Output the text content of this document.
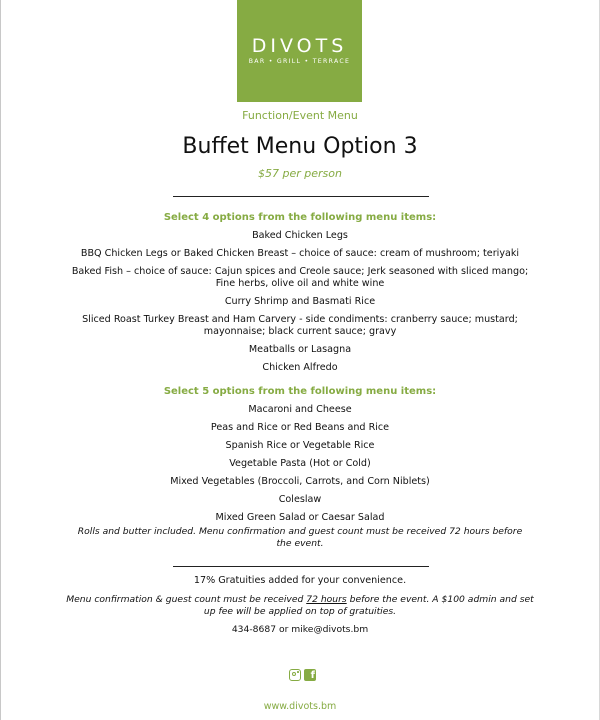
DIVOTS
BAR • GRILL • TERRACE
Function/Event Menu
Buffet Menu Option 3
$57 per person
Select 4 options from the following menu items:
Baked Chicken Legs
BBQ Chicken Legs or Baked Chicken Breast – choice of sauce: cream of mushroom; teriyaki
Baked Fish – choice of sauce: Cajun spices and Creole sauce; Jerk seasoned with sliced mango;
Fine herbs, olive oil and white wine
Curry Shrimp and Basmati Rice
Sliced Roast Turkey Breast and Ham Carvery - side condiments: cranberry sauce; mustard;
mayonnaise; black current sauce; gravy
Meatballs or Lasagna
Chicken Alfredo
Select 5 options from the following menu items:
Macaroni and Cheese
Peas and Rice or Red Beans and Rice
Spanish Rice or Vegetable Rice
Vegetable Pasta (Hot or Cold)
Mixed Vegetables (Broccoli, Carrots, and Corn Niblets)
Coleslaw
Mixed Green Salad or Caesar Salad
Rolls and butter included. Menu confirmation and guest count must be received 72 hours before
the event.
17% Gratuities added for your convenience.
Menu confirmation & guest count must be received 72 hours before the event. A $100 admin and set
up fee will be applied on top of gratuities.
434-8687 or mike@divots.bm
f
www.divots.bm
